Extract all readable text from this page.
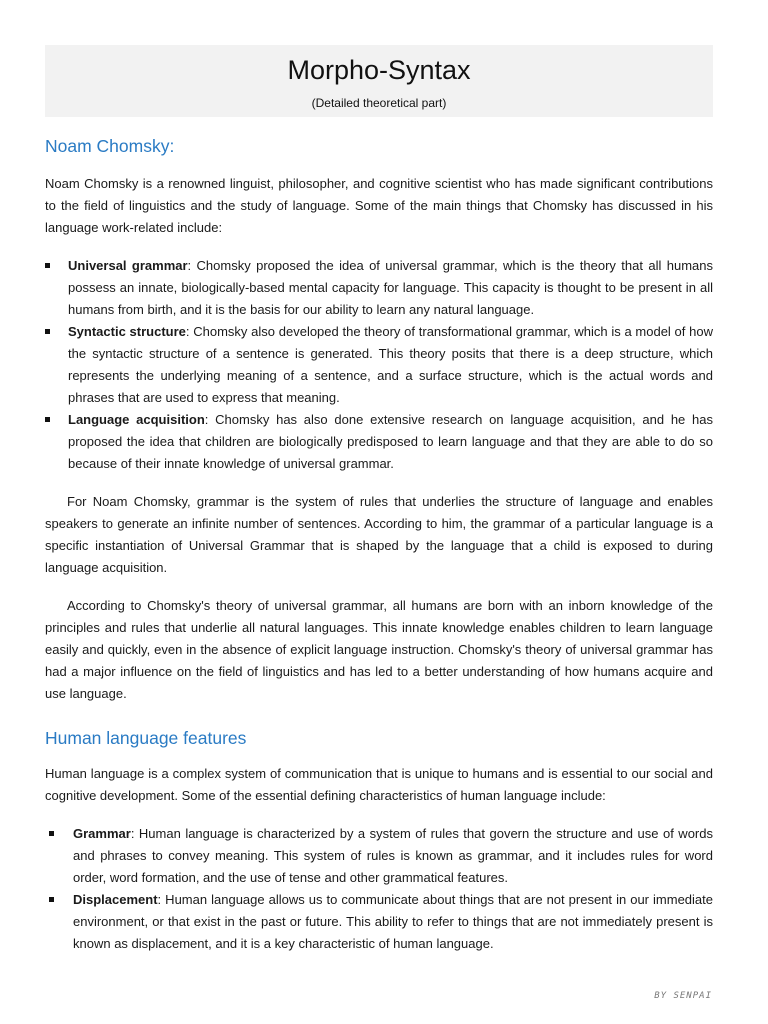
Morpho-Syntax
(Detailed theoretical part)
Noam Chomsky:

Noam Chomsky is a renowned linguist, philosopher, and cognitive scientist who has made significant contributions to the field of linguistics and the study of language. Some of the main things that Chomsky has discussed in his language work-related include:

Universal grammar: Chomsky proposed the idea of universal grammar, which is the theory that all humans possess an innate, biologically-based mental capacity for language. This capacity is thought to be present in all humans from birth, and it is the basis for our ability to learn any natural language.
Syntactic structure: Chomsky also developed the theory of transformational grammar, which is a model of how the syntactic structure of a sentence is generated. This theory posits that there is a deep structure, which represents the underlying meaning of a sentence, and a surface structure, which is the actual words and phrases that are used to express that meaning.
Language acquisition: Chomsky has also done extensive research on language acquisition, and he has proposed the idea that children are biologically predisposed to learn language and that they are able to do so because of their innate knowledge of universal grammar.

For Noam Chomsky, grammar is the system of rules that underlies the structure of language and enables speakers to generate an infinite number of sentences. According to him, the grammar of a particular language is a specific instantiation of Universal Grammar that is shaped by the language that a child is exposed to during language acquisition.

According to Chomsky's theory of universal grammar, all humans are born with an inborn knowledge of the principles and rules that underlie all natural languages. This innate knowledge enables children to learn language easily and quickly, even in the absence of explicit language instruction. Chomsky's theory of universal grammar has had a major influence on the field of linguistics and has led to a better understanding of how humans acquire and use language.

Human language features

Human language is a complex system of communication that is unique to humans and is essential to our social and cognitive development. Some of the essential defining characteristics of human language include:

Grammar: Human language is characterized by a system of rules that govern the structure and use of words and phrases to convey meaning. This system of rules is known as grammar, and it includes rules for word order, word formation, and the use of tense and other grammatical features.
Displacement: Human language allows us to communicate about things that are not present in our immediate environment, or that exist in the past or future. This ability to refer to things that are not immediately present is known as displacement, and it is a key characteristic of human language.
BY SENPAI
